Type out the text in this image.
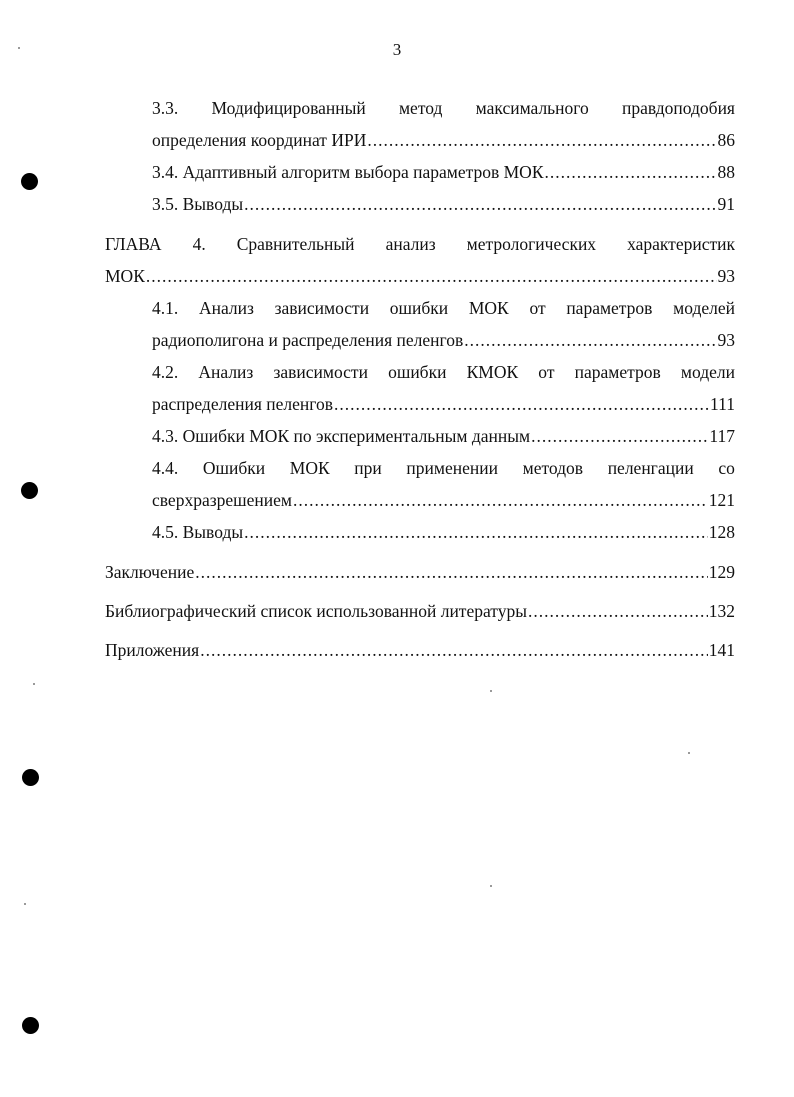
3
3.3. Модифицированный метод максимального правдоподобия
определения координат ИРИ .....	86
3.4. Адаптивный алгоритм выбора параметров МОК .....	88
3.5. Выводы .....	91
ГЛАВА 4. Сравнительный анализ метрологических характеристик
МОК .....	93
4.1. Анализ зависимости ошибки МОК от параметров моделей
радиополигона и распределения пеленгов .....	93
4.2. Анализ зависимости ошибки КМОК от параметров модели
распределения пеленгов .....	111
4.3. Ошибки МОК по экспериментальным данным .....	117
4.4. Ошибки МОК при применении методов пеленгации со
сверхразрешением .....	121
4.5. Выводы .....	128
Заключение .....	129
Библиографический список использованной литературы .....	132
Приложения .....	141
